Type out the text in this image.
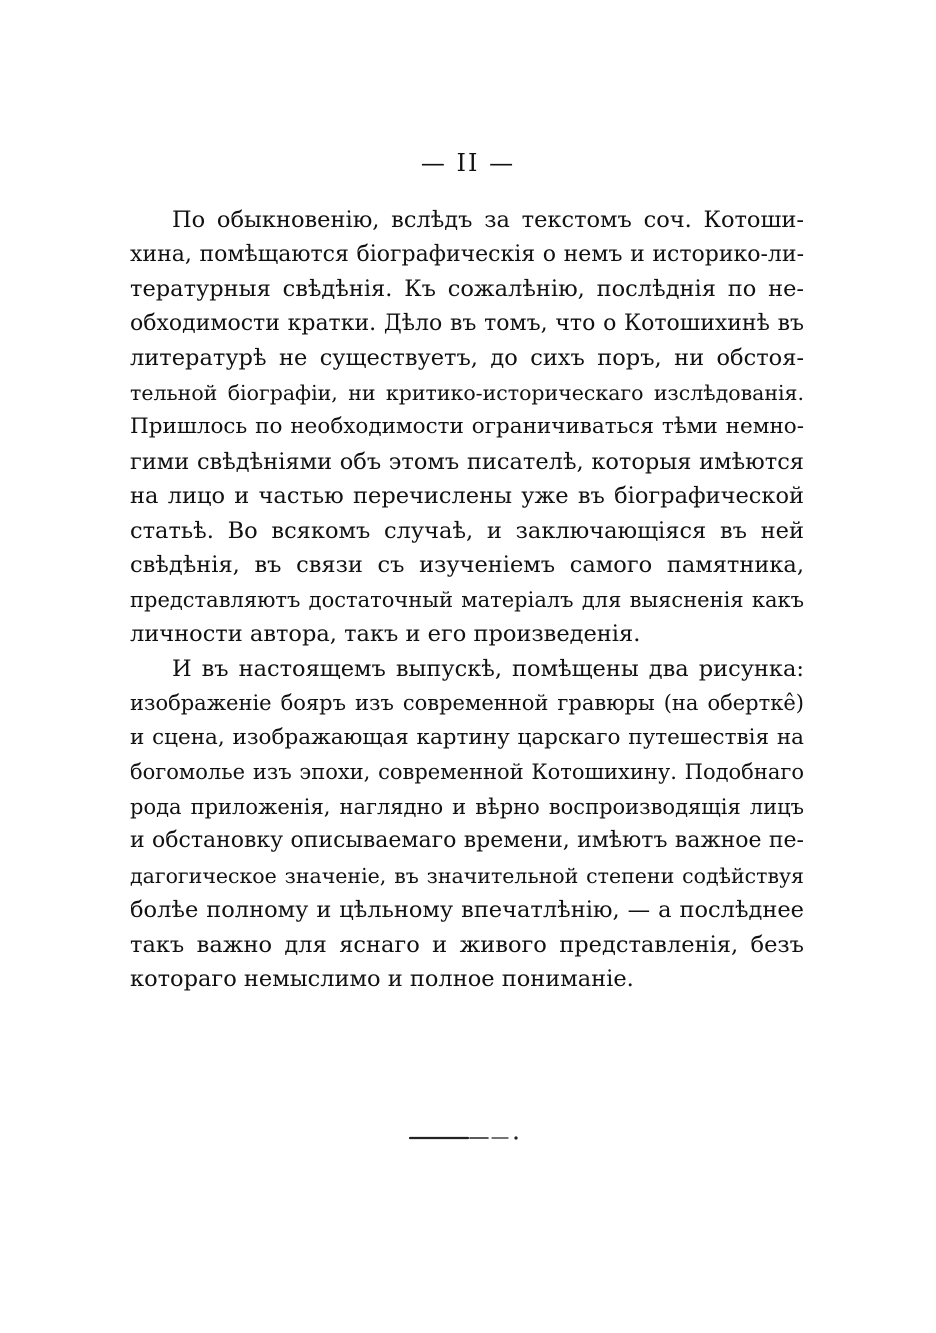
— II —
По обыкновенію, вслѣдъ за текстомъ соч. Котоши-
хина, помѣщаются біографическія о немъ и историко-ли-
тературныя свѣдѣнія. Къ сожалѣнію, послѣднія по не-
обходимости кратки. Дѣло въ томъ, что о Котошихинѣ въ
литературѣ не существуетъ, до сихъ поръ, ни обстоя-
тельной біографіи, ни критико-историческаго изслѣдованія.
Пришлось по необходимости ограничиваться тѣми немно-
гими свѣдѣніями объ этомъ писателѣ, которыя имѣются
на лицо и частью перечислены уже въ біографической
статьѣ. Во всякомъ случаѣ, и заключающіяся въ ней
свѣдѣнія, въ связи съ изученіемъ самого памятника,
представляютъ достаточный матеріалъ для выясненія какъ
личности автора, такъ и его произведенія.
И въ настоящемъ выпускѣ, помѣщены два рисунка:
изображеніе бояръ изъ современной гравюры (на обертке̂)
и сцена, изображающая картину царскаго путешествія на
богомолье изъ эпохи, современной Котошихину. Подобнаго
рода приложенія, наглядно и вѣрно воспроизводящія лицъ
и обстановку описываемаго времени, имѣютъ важное пе-
дагогическое значеніе, въ значительной степени содѣйствуя
болѣе полному и цѣльному впечатлѣнію, — а послѣднее
такъ важно для яснаго и живого представленія, безъ
котораго немыслимо и полное пониманіе.
